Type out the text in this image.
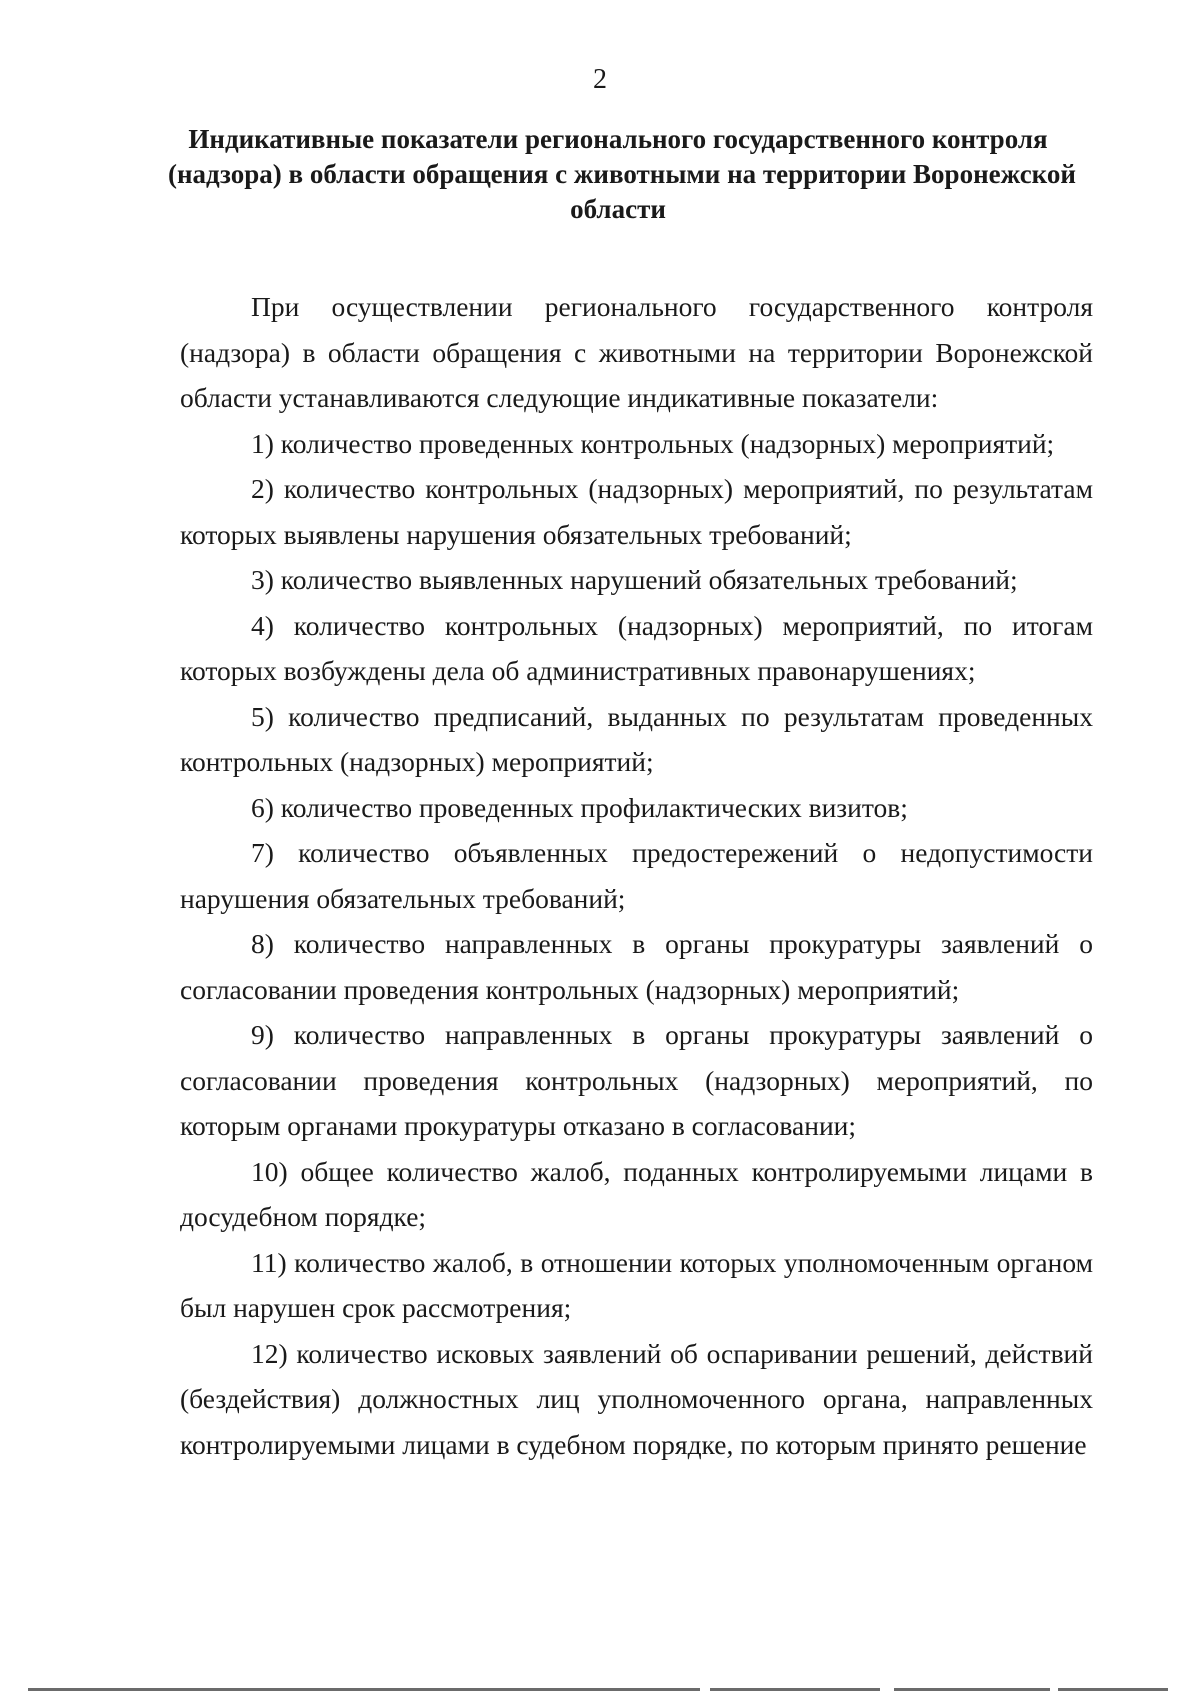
2
Индикативные показатели регионального государственного контроля
(надзора) в области обращения с животными на территории Воронежской
области

При осуществлении регионального государственного контроля (надзора) в области обращения с животными на территории Воронежской области устанавливаются следующие индикативные показатели:

1) количество проведенных контрольных (надзорных) мероприятий;

2) количество контрольных (надзорных) мероприятий, по результатам которых выявлены нарушения обязательных требований;

3) количество выявленных нарушений обязательных требований;

4) количество контрольных (надзорных) мероприятий, по итогам которых возбуждены дела об административных правонарушениях;

5) количество предписаний, выданных по результатам проведенных контрольных (надзорных) мероприятий;

6) количество проведенных профилактических визитов;

7) количество объявленных предостережений о недопустимости нарушения обязательных требований;

8) количество направленных в органы прокуратуры заявлений о согласовании проведения контрольных (надзорных) мероприятий;

9) количество направленных в органы прокуратуры заявлений о согласовании проведения контрольных (надзорных) мероприятий, по которым органами прокуратуры отказано в согласовании;

10) общее количество жалоб, поданных контролируемыми лицами в досудебном порядке;

11) количество жалоб, в отношении которых уполномоченным органом был нарушен срок рассмотрения;

12) количество исковых заявлений об оспаривании решений, действий (бездействия) должностных лиц уполномоченного органа, направленных контролируемыми лицами в судебном порядке, по которым принято решение
